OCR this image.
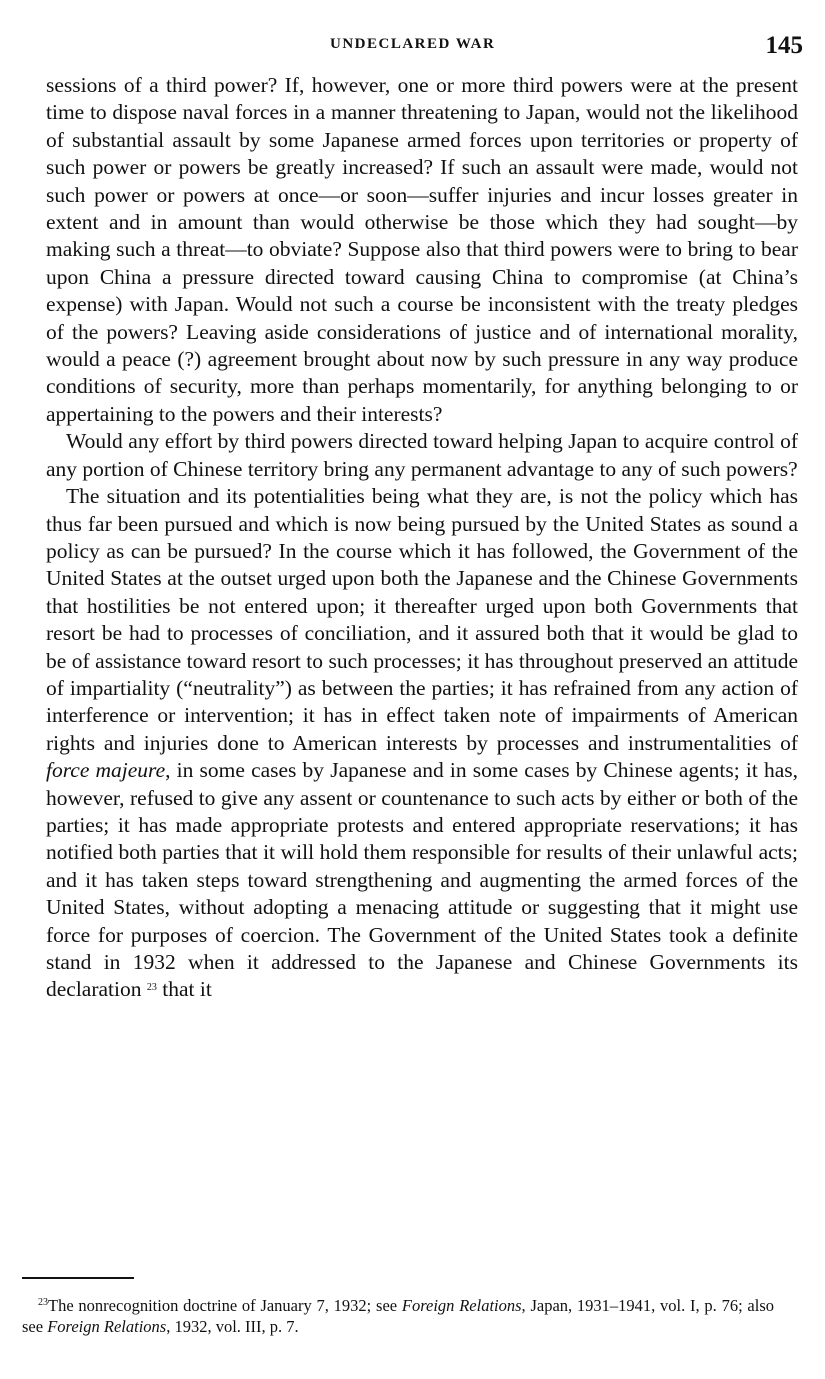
UNDECLARED WAR	145

sessions of a third power? If, however, one or more third powers were at the present time to dispose naval forces in a manner threatening to Japan, would not the likelihood of substantial assault by some Japanese armed forces upon territories or property of such power or powers be greatly increased? If such an assault were made, would not such power or powers at once—or soon—suffer injuries and incur losses greater in extent and in amount than would otherwise be those which they had sought—by making such a threat—to obviate? Suppose also that third powers were to bring to bear upon China a pressure directed toward causing China to compromise (at China’s expense) with Japan. Would not such a course be inconsistent with the treaty pledges of the powers? Leaving aside considerations of justice and of international morality, would a peace (?) agreement brought about now by such pressure in any way produce conditions of security, more than perhaps momentarily, for anything belonging to or appertaining to the powers and their interests?

Would any effort by third powers directed toward helping Japan to acquire control of any portion of Chinese territory bring any permanent advantage to any of such powers?

The situation and its potentialities being what they are, is not the policy which has thus far been pursued and which is now being pursued by the United States as sound a policy as can be pursued? In the course which it has followed, the Government of the United States at the outset urged upon both the Japanese and the Chinese Governments that hostilities be not entered upon; it thereafter urged upon both Governments that resort be had to processes of conciliation, and it assured both that it would be glad to be of assistance toward resort to such processes; it has throughout preserved an attitude of impartiality (“neutrality”) as between the parties; it has refrained from any action of interference or intervention; it has in effect taken note of impairments of American rights and injuries done to American interests by processes and instrumentalities of force majeure, in some cases by Japanese and in some cases by Chinese agents; it has, however, refused to give any assent or countenance to such acts by either or both of the parties; it has made appropriate protests and entered appropriate reservations; it has notified both parties that it will hold them responsible for results of their unlawful acts; and it has taken steps toward strengthening and augmenting the armed forces of the United States, without adopting a menacing attitude or suggesting that it might use force for purposes of coercion. The Government of the United States took a definite stand in 1932 when it addressed to the Japanese and Chinese Governments its declaration $^{23}$ that it

$^{23}$The nonrecognition doctrine of January 7, 1932; see Foreign Relations, Japan, 1931–1941, vol. I, p. 76; also see Foreign Relations, 1932, vol. III, p. 7.
